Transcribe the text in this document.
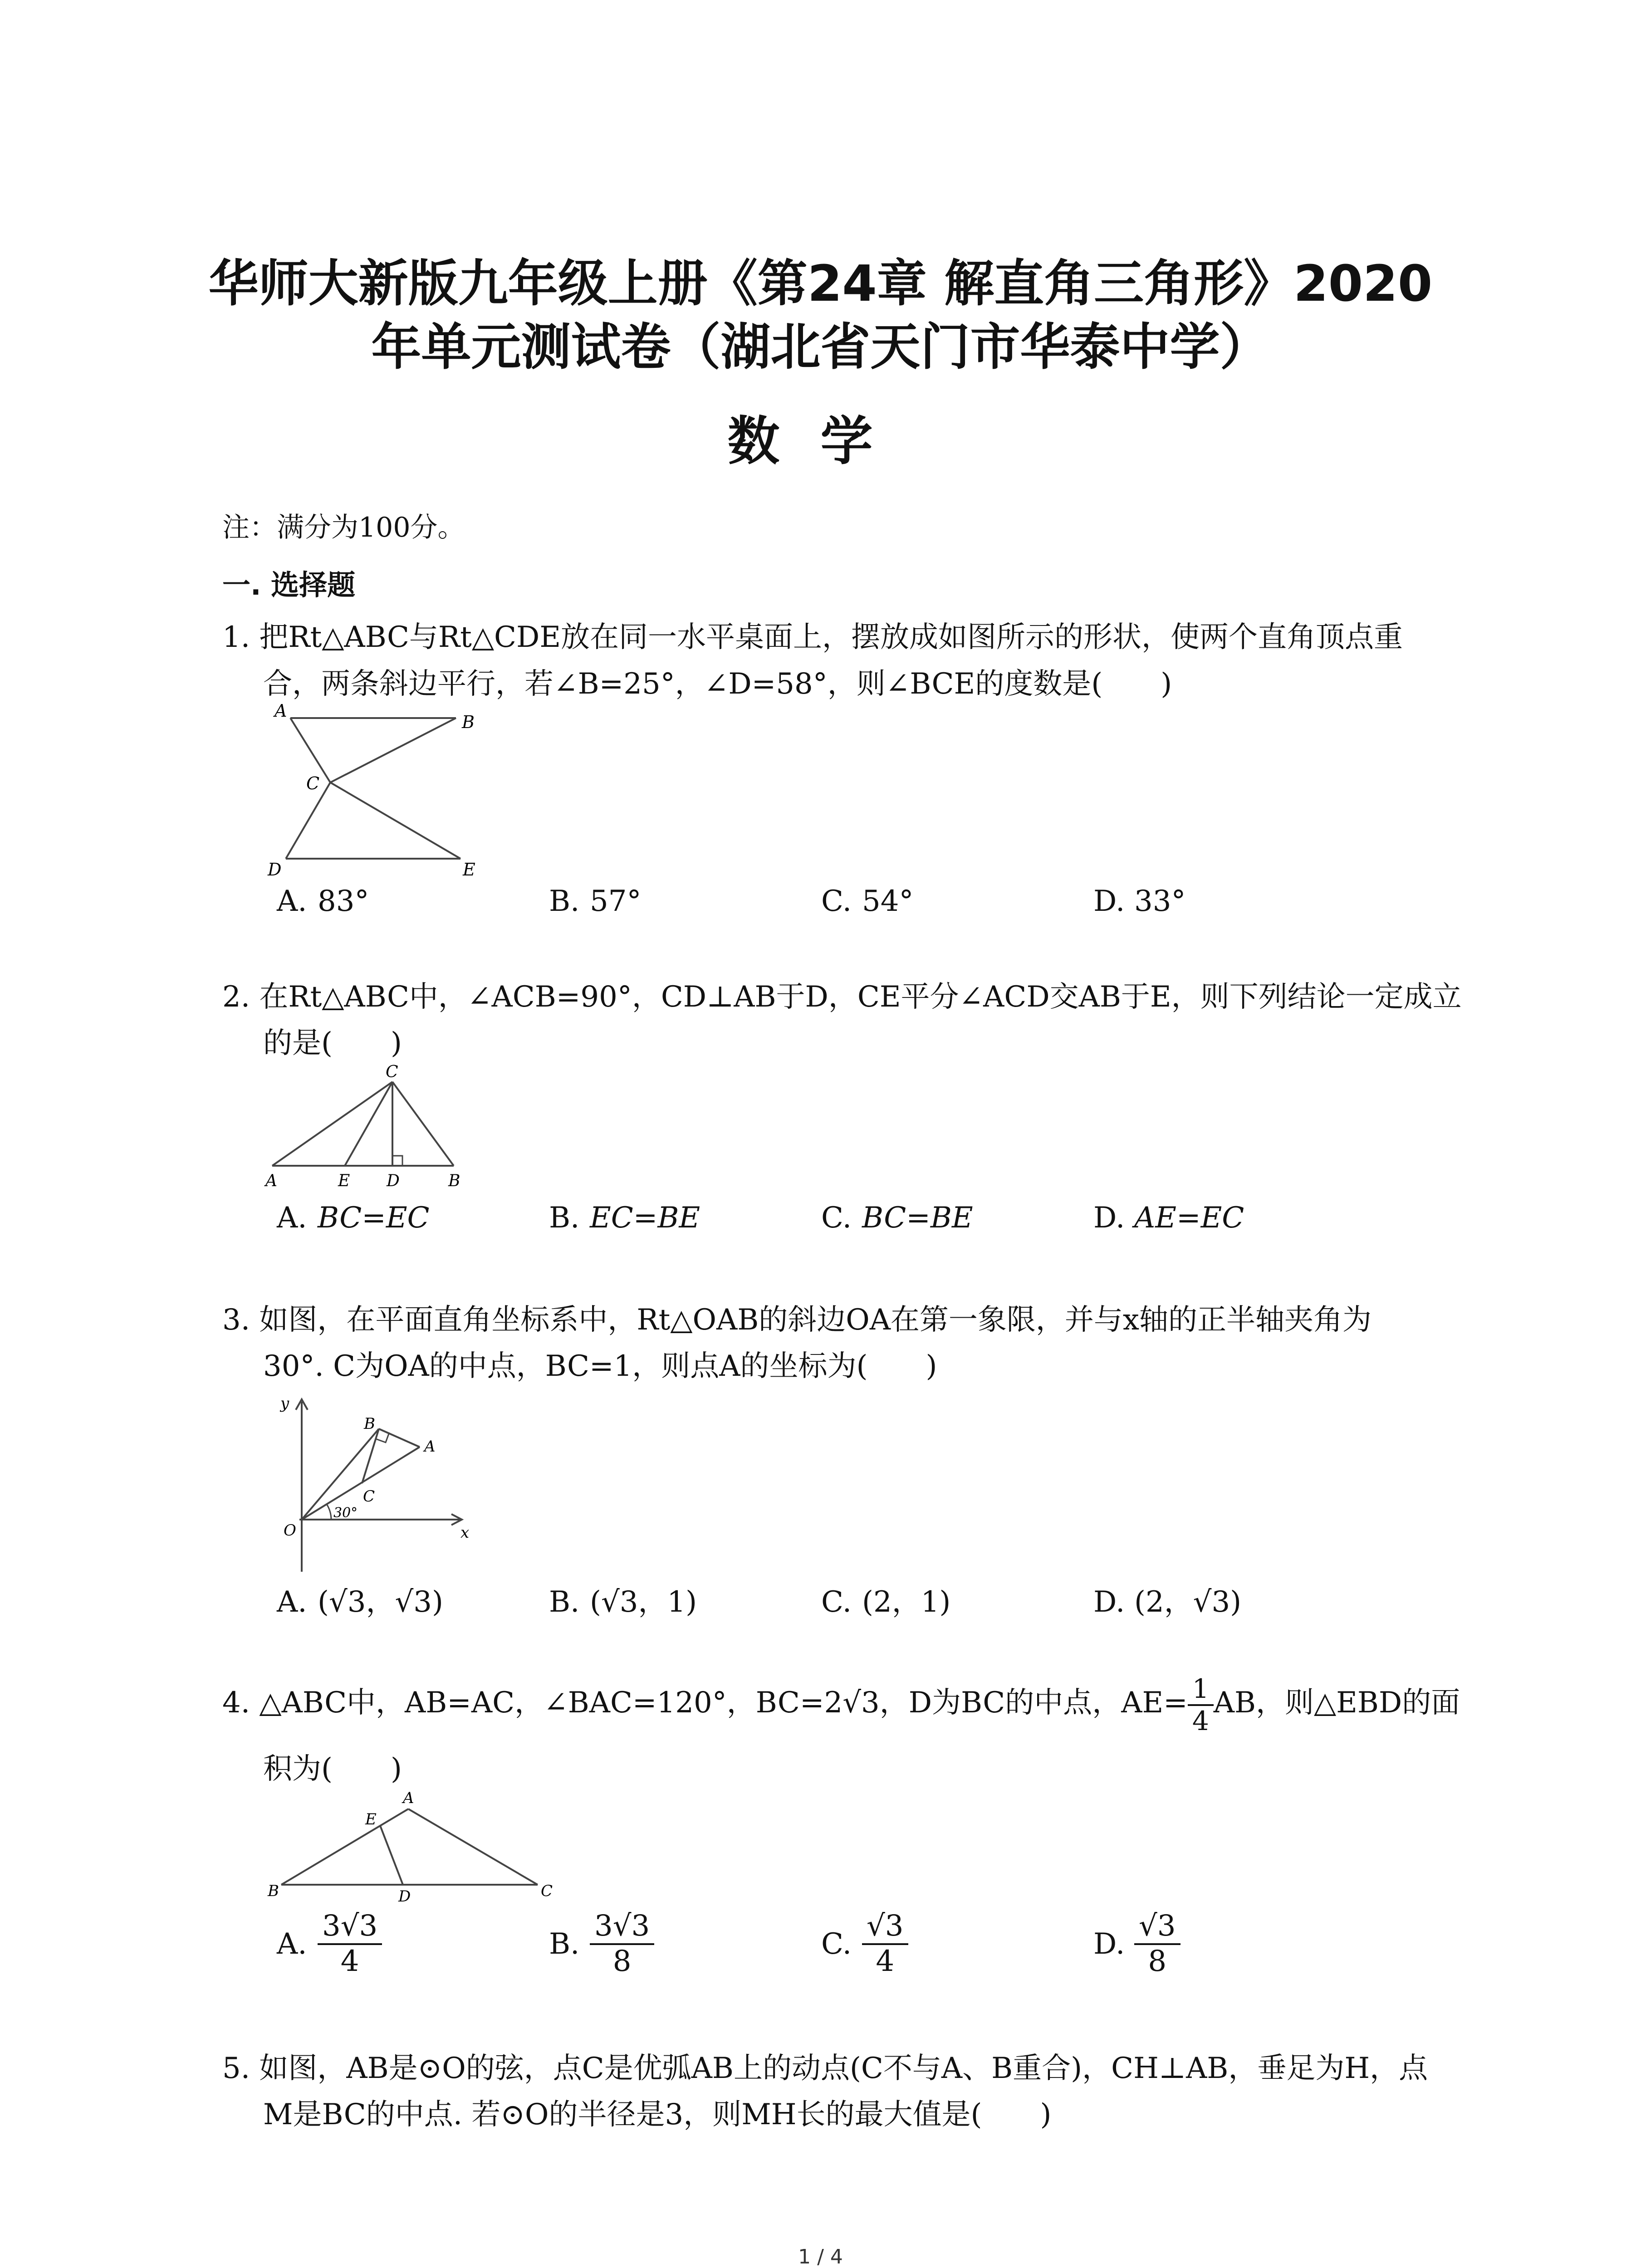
华师大新版九年级上册《第24章 解直角三角形》2020
年单元测试卷（湖北省天门市华泰中学）
数学
注：满分为100分。
一. 选择题
1. 把Rt△ABC与Rt△CDE放在同一水平桌面上，摆放成如图所示的形状，使两个直角顶点重
合，两条斜边平行，若∠B=25°，∠D=58°，则∠BCE的度数是(　　)
A
B
C
D	E
A. 83°	B. 57°	C. 54°	D. 33°
2. 在Rt△ABC中，∠ACB=90°，CD⊥AB于D，CE平分∠ACD交AB于E，则下列结论一定成立
的是(　　)
C
A	E D	B
A. BC=EC	B. EC=BE	C. BC=BE	D. AE=EC
3. 如图，在平面直角坐标系中，Rt△OAB的斜边OA在第一象限，并与x轴的正半轴夹角为
30°. C为OA的中点，BC=1，则点A的坐标为(　　)
y
B
A
C
O
30°
x
A. (√3，√3)	B. (√3，1)	C. (2，1)	D. (2，√3)
4. △ABC中，AB=AC，∠BAC=120°，BC=2√3，D为BC的中点，$AE= \frac{1}{4}$ AB，则△EBD的面
积为(　　)
A
E
B	D	C
A. $\frac{3√3}{4}$	B. $\frac{3√3}{8}$	C. $\frac{√3}{4}$	D. $\frac{√3}{8}$
5. 如图，AB是⊙O的弦，点C是优弧AB上的动点(C不与A、B重合)，CH⊥AB，垂足为H，点
M是BC的中点. 若⊙O的半径是3，则MH长的最大值是(　　)
1 / 4
